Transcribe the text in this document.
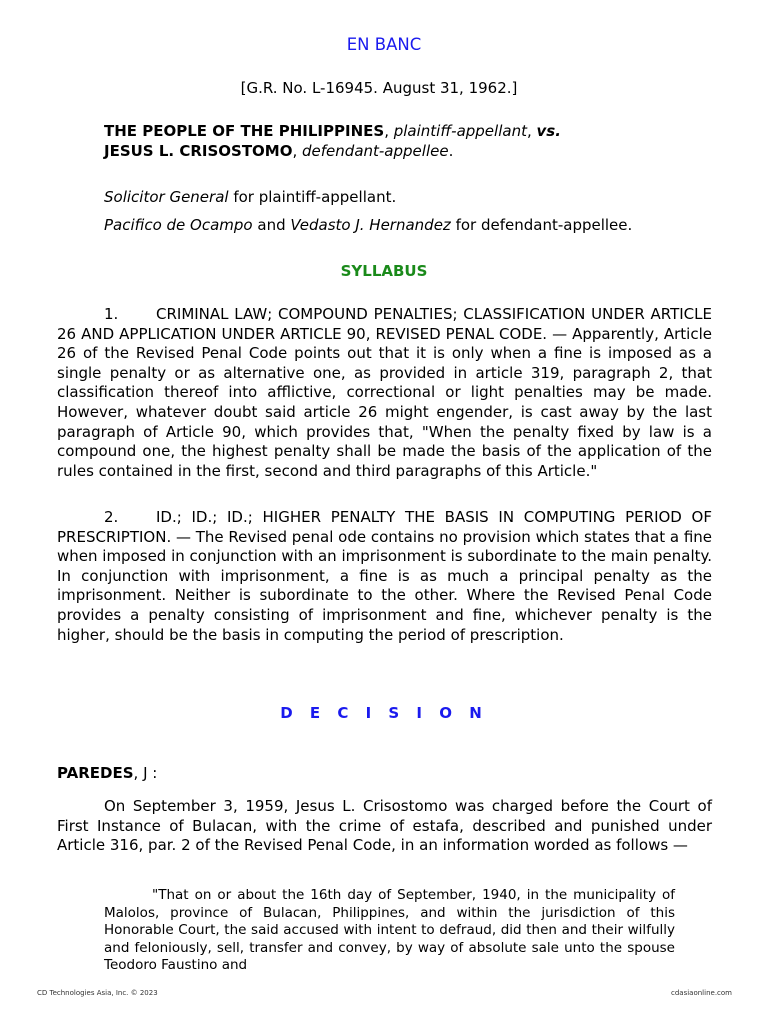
EN BANC
[G.R. No. L-16945. August 31, 1962.]
THE PEOPLE OF THE PHILIPPINES, plaintiff-appellant, vs.
JESUS L. CRISOSTOMO, defendant-appellee.
Solicitor General for plaintiff-appellant.
Pacifico de Ocampo and Vedasto J. Hernandez for defendant-appellee.
SYLLABUS

1.	CRIMINAL LAW; COMPOUND PENALTIES; CLASSIFICATION UNDER ARTICLE 26 AND APPLICATION UNDER ARTICLE 90, REVISED PENAL CODE. — Apparently, Article 26 of the Revised Penal Code points out that it is only when a fine is imposed as a single penalty or as alternative one, as provided in article 319, paragraph 2, that classification thereof into afflictive, correctional or light penalties may be made. However, whatever doubt said article 26 might engender, is cast away by the last paragraph of Article 90, which provides that, "When the penalty fixed by law is a compound one, the highest penalty shall be made the basis of the application of the rules contained in the first, second and third paragraphs of this Article."

2.	ID.; ID.; ID.; HIGHER PENALTY THE BASIS IN COMPUTING PERIOD OF PRESCRIPTION. — The Revised penal ode contains no provision which states that a fine when imposed in conjunction with an imprisonment is subordinate to the main penalty. In conjunction with imprisonment, a fine is as much a principal penalty as the imprisonment. Neither is subordinate to the other. Where the Revised Penal Code provides a penalty consisting of imprisonment and fine, whichever penalty is the higher, should be the basis in computing the period of prescription.

D E C I S I O N
PAREDES, J :

On September 3, 1959, Jesus L. Crisostomo was charged before the Court of First Instance of Bulacan, with the crime of estafa, described and punished under Article 316, par. 2 of the Revised Penal Code, in an information worded as follows —

"That on or about the 16th day of September, 1940, in the municipality of Malolos, province of Bulacan, Philippines, and within the jurisdiction of this Honorable Court, the said accused with intent to defraud, did then and their wilfully and feloniously, sell, transfer and convey, by way of absolute sale unto the spouse Teodoro Faustino and

CD Technologies Asia, Inc. © 2023	cdasiaonline.com
